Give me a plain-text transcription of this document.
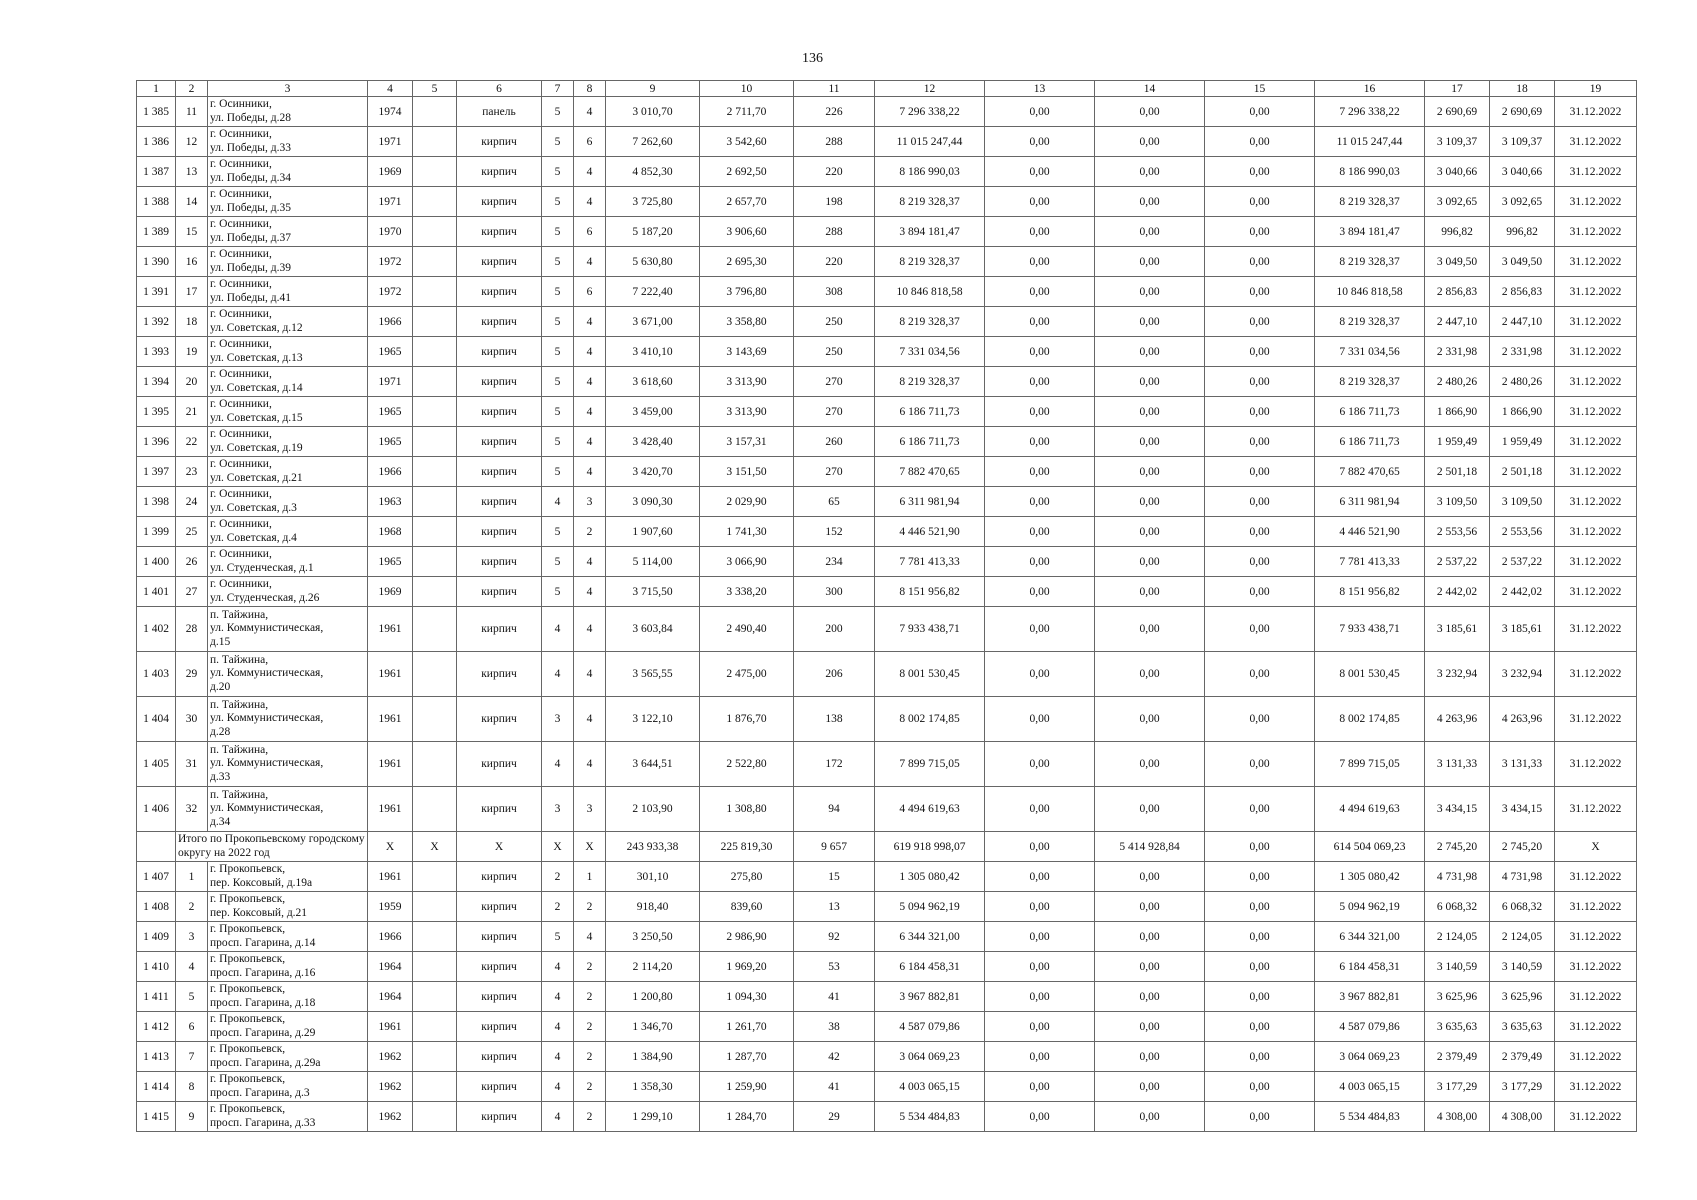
136
1	2	3	4	5	6	7	8	9	10	11	12	13	14	15	16	17	18	19
1 385	11	г. Осинники,
ул. Победы, д.28	1974		панель	5	4	3 010,70	2 711,70	226	7 296 338,22	0,00	0,00	0,00	7 296 338,22	2 690,69	2 690,69	31.12.2022
1 386	12	г. Осинники,
ул. Победы, д.33	1971		кирпич	5	6	7 262,60	3 542,60	288	11 015 247,44	0,00	0,00	0,00	11 015 247,44	3 109,37	3 109,37	31.12.2022
1 387	13	г. Осинники,
ул. Победы, д.34	1969		кирпич	5	4	4 852,30	2 692,50	220	8 186 990,03	0,00	0,00	0,00	8 186 990,03	3 040,66	3 040,66	31.12.2022
1 388	14	г. Осинники,
ул. Победы, д.35	1971		кирпич	5	4	3 725,80	2 657,70	198	8 219 328,37	0,00	0,00	0,00	8 219 328,37	3 092,65	3 092,65	31.12.2022
1 389	15	г. Осинники,
ул. Победы, д.37	1970		кирпич	5	6	5 187,20	3 906,60	288	3 894 181,47	0,00	0,00	0,00	3 894 181,47	996,82	996,82	31.12.2022
1 390	16	г. Осинники,
ул. Победы, д.39	1972		кирпич	5	4	5 630,80	2 695,30	220	8 219 328,37	0,00	0,00	0,00	8 219 328,37	3 049,50	3 049,50	31.12.2022
1 391	17	г. Осинники,
ул. Победы, д.41	1972		кирпич	5	6	7 222,40	3 796,80	308	10 846 818,58	0,00	0,00	0,00	10 846 818,58	2 856,83	2 856,83	31.12.2022
1 392	18	г. Осинники,
ул. Советская, д.12	1966		кирпич	5	4	3 671,00	3 358,80	250	8 219 328,37	0,00	0,00	0,00	8 219 328,37	2 447,10	2 447,10	31.12.2022
1 393	19	г. Осинники,
ул. Советская, д.13	1965		кирпич	5	4	3 410,10	3 143,69	250	7 331 034,56	0,00	0,00	0,00	7 331 034,56	2 331,98	2 331,98	31.12.2022
1 394	20	г. Осинники,
ул. Советская, д.14	1971		кирпич	5	4	3 618,60	3 313,90	270	8 219 328,37	0,00	0,00	0,00	8 219 328,37	2 480,26	2 480,26	31.12.2022
1 395	21	г. Осинники,
ул. Советская, д.15	1965		кирпич	5	4	3 459,00	3 313,90	270	6 186 711,73	0,00	0,00	0,00	6 186 711,73	1 866,90	1 866,90	31.12.2022
1 396	22	г. Осинники,
ул. Советская, д.19	1965		кирпич	5	4	3 428,40	3 157,31	260	6 186 711,73	0,00	0,00	0,00	6 186 711,73	1 959,49	1 959,49	31.12.2022
1 397	23	г. Осинники,
ул. Советская, д.21	1966		кирпич	5	4	3 420,70	3 151,50	270	7 882 470,65	0,00	0,00	0,00	7 882 470,65	2 501,18	2 501,18	31.12.2022
1 398	24	г. Осинники,
ул. Советская, д.3	1963		кирпич	4	3	3 090,30	2 029,90	65	6 311 981,94	0,00	0,00	0,00	6 311 981,94	3 109,50	3 109,50	31.12.2022
1 399	25	г. Осинники,
ул. Советская, д.4	1968		кирпич	5	2	1 907,60	1 741,30	152	4 446 521,90	0,00	0,00	0,00	4 446 521,90	2 553,56	2 553,56	31.12.2022
1 400	26	г. Осинники,
ул. Студенческая, д.1	1965		кирпич	5	4	5 114,00	3 066,90	234	7 781 413,33	0,00	0,00	0,00	7 781 413,33	2 537,22	2 537,22	31.12.2022
1 401	27	г. Осинники,
ул. Студенческая, д.26	1969		кирпич	5	4	3 715,50	3 338,20	300	8 151 956,82	0,00	0,00	0,00	8 151 956,82	2 442,02	2 442,02	31.12.2022
1 402	28	п. Тайжина,
ул. Коммунистическая,
д.15	1961		кирпич	4	4	3 603,84	2 490,40	200	7 933 438,71	0,00	0,00	0,00	7 933 438,71	3 185,61	3 185,61	31.12.2022
1 403	29	п. Тайжина,
ул. Коммунистическая,
д.20	1961		кирпич	4	4	3 565,55	2 475,00	206	8 001 530,45	0,00	0,00	0,00	8 001 530,45	3 232,94	3 232,94	31.12.2022
1 404	30	п. Тайжина,
ул. Коммунистическая,
д.28	1961		кирпич	3	4	3 122,10	1 876,70	138	8 002 174,85	0,00	0,00	0,00	8 002 174,85	4 263,96	4 263,96	31.12.2022
1 405	31	п. Тайжина,
ул. Коммунистическая,
д.33	1961		кирпич	4	4	3 644,51	2 522,80	172	7 899 715,05	0,00	0,00	0,00	7 899 715,05	3 131,33	3 131,33	31.12.2022
1 406	32	п. Тайжина,
ул. Коммунистическая,
д.34	1961		кирпич	3	3	2 103,90	1 308,80	94	4 494 619,63	0,00	0,00	0,00	4 494 619,63	3 434,15	3 434,15	31.12.2022
	Итого по Прокопьевскому городскому округу на 2022 год		X	X	X	X	X	243 933,38	225 819,30	9 657	619 918 998,07	0,00	5 414 928,84	0,00	614 504 069,23	2 745,20	2 745,20	X
1 407	1	г. Прокопьевск,
пер. Коксовый, д.19а	1961		кирпич	2	1	301,10	275,80	15	1 305 080,42	0,00	0,00	0,00	1 305 080,42	4 731,98	4 731,98	31.12.2022
1 408	2	г. Прокопьевск,
пер. Коксовый, д.21	1959		кирпич	2	2	918,40	839,60	13	5 094 962,19	0,00	0,00	0,00	5 094 962,19	6 068,32	6 068,32	31.12.2022
1 409	3	г. Прокопьевск,
просп. Гагарина, д.14	1966		кирпич	5	4	3 250,50	2 986,90	92	6 344 321,00	0,00	0,00	0,00	6 344 321,00	2 124,05	2 124,05	31.12.2022
1 410	4	г. Прокопьевск,
просп. Гагарина, д.16	1964		кирпич	4	2	2 114,20	1 969,20	53	6 184 458,31	0,00	0,00	0,00	6 184 458,31	3 140,59	3 140,59	31.12.2022
1 411	5	г. Прокопьевск,
просп. Гагарина, д.18	1964		кирпич	4	2	1 200,80	1 094,30	41	3 967 882,81	0,00	0,00	0,00	3 967 882,81	3 625,96	3 625,96	31.12.2022
1 412	6	г. Прокопьевск,
просп. Гагарина, д.29	1961		кирпич	4	2	1 346,70	1 261,70	38	4 587 079,86	0,00	0,00	0,00	4 587 079,86	3 635,63	3 635,63	31.12.2022
1 413	7	г. Прокопьевск,
просп. Гагарина, д.29а	1962		кирпич	4	2	1 384,90	1 287,70	42	3 064 069,23	0,00	0,00	0,00	3 064 069,23	2 379,49	2 379,49	31.12.2022
1 414	8	г. Прокопьевск,
просп. Гагарина, д.3	1962		кирпич	4	2	1 358,30	1 259,90	41	4 003 065,15	0,00	0,00	0,00	4 003 065,15	3 177,29	3 177,29	31.12.2022
1 415	9	г. Прокопьевск,
просп. Гагарина, д.33	1962		кирпич	4	2	1 299,10	1 284,70	29	5 534 484,83	0,00	0,00	0,00	5 534 484,83	4 308,00	4 308,00	31.12.2022
